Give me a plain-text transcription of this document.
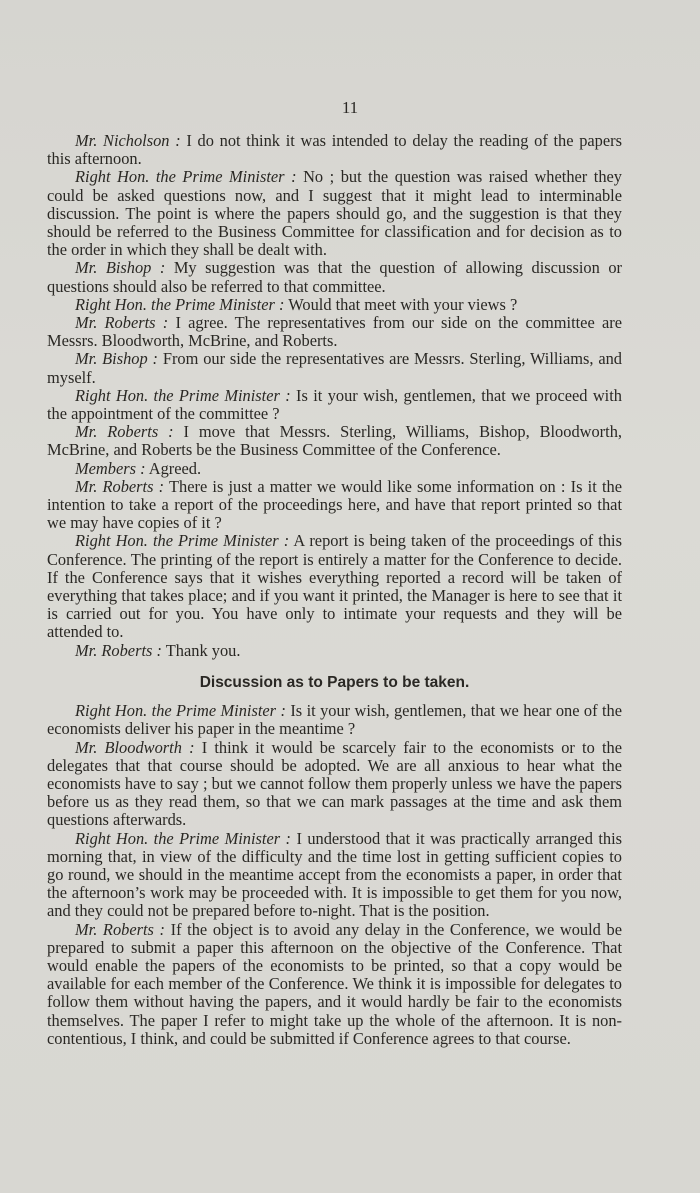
11

Mr. Nicholson : I do not think it was intended to delay the reading of the papers this afternoon.

Right Hon. the Prime Minister : No ; but the question was raised whether they could be asked questions now, and I suggest that it might lead to interminable discussion. The point is where the papers should go, and the suggestion is that they should be referred to the Business Committee for classification and for decision as to the order in which they shall be dealt with.

Mr. Bishop : My suggestion was that the question of allowing discussion or questions should also be referred to that committee.

Right Hon. the Prime Minister : Would that meet with your views ?

Mr. Roberts : I agree. The representatives from our side on the committee are Messrs. Bloodworth, McBrine, and Roberts.

Mr. Bishop : From our side the representatives are Messrs. Sterling, Williams, and myself.

Right Hon. the Prime Minister : Is it your wish, gentlemen, that we proceed with the appointment of the committee ?

Mr. Roberts : I move that Messrs. Sterling, Williams, Bishop, Bloodworth, McBrine, and Roberts be the Business Committee of the Conference.

Members : Agreed.

Mr. Roberts : There is just a matter we would like some information on : Is it the intention to take a report of the proceedings here, and have that report printed so that we may have copies of it ?

Right Hon. the Prime Minister : A report is being taken of the proceedings of this Conference. The printing of the report is entirely a matter for the Conference to decide. If the Conference says that it wishes everything reported a record will be taken of everything that takes place; and if you want it printed, the Manager is here to see that it is carried out for you. You have only to intimate your requests and they will be attended to.

Mr. Roberts : Thank you.

Discussion as to Papers to be taken.

Right Hon. the Prime Minister : Is it your wish, gentlemen, that we hear one of the economists deliver his paper in the meantime ?

Mr. Bloodworth : I think it would be scarcely fair to the economists or to the delegates that that course should be adopted. We are all anxious to hear what the economists have to say ; but we cannot follow them properly unless we have the papers before us as they read them, so that we can mark passages at the time and ask them questions afterwards.

Right Hon. the Prime Minister : I understood that it was practically arranged this morning that, in view of the difficulty and the time lost in getting sufficient copies to go round, we should in the meantime accept from the economists a paper, in order that the afternoon’s work may be proceeded with. It is impossible to get them for you now, and they could not be prepared before to-night. That is the position.

Mr. Roberts : If the object is to avoid any delay in the Conference, we would be prepared to submit a paper this afternoon on the objective of the Conference. That would enable the papers of the economists to be printed, so that a copy would be available for each member of the Conference. We think it is impossible for delegates to follow them without having the papers, and it would hardly be fair to the economists themselves. The paper I refer to might take up the whole of the afternoon. It is non-contentious, I think, and could be submitted if Conference agrees to that course.
